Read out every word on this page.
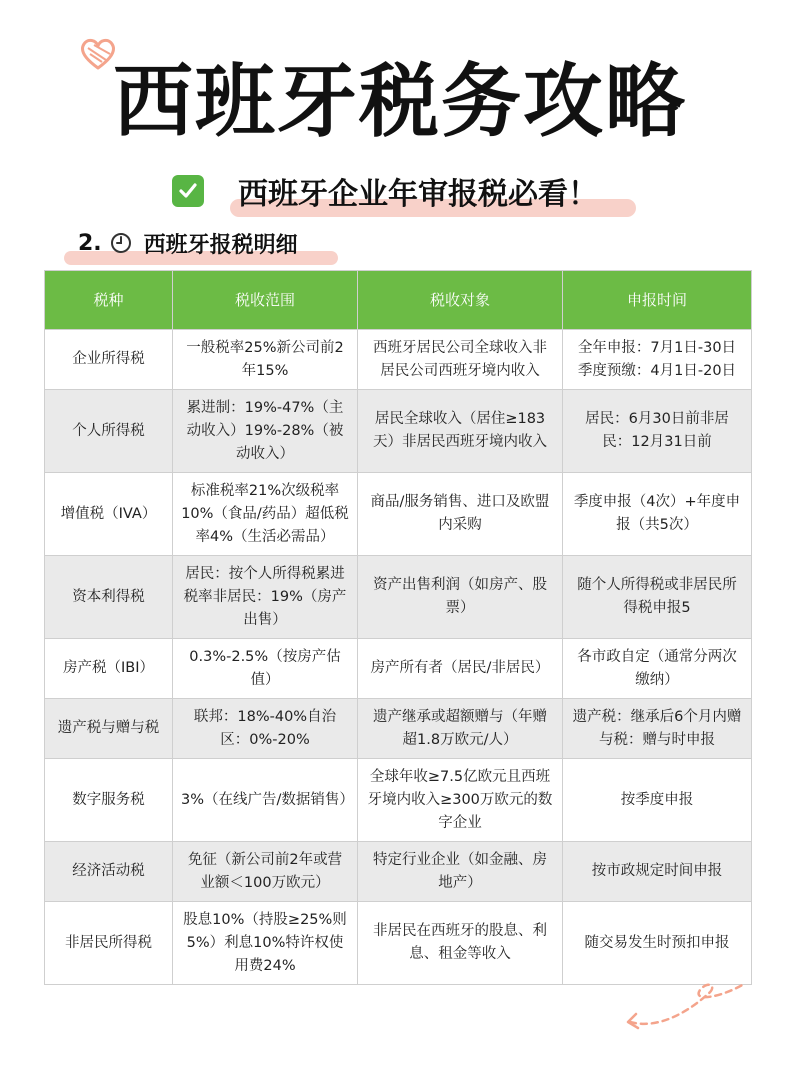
西班牙税务攻略
西班牙企业年审报税必看！
2. 西班牙报税明细
税种	税收范围	税收对象	申报时间
企业所得税	一般税率25%新公司前2年15%	西班牙居民公司全球收入非居民公司西班牙境内收入	全年申报：7月1日-30日季度预缴：4月1日-20日
个人所得税	累进制：19%-47%（主动收入）19%-28%（被动收入）	居民全球收入（居住≥183天）非居民西班牙境内收入	居民：6月30日前非居民：12月31日前
增值税（IVA）	标准税率21%次级税率10%（食品/药品）超低税率4%（生活必需品）	商品/服务销售、进口及欧盟内采购	季度申报（4次）+年度申报（共5次）
资本利得税	居民：按个人所得税累进税率非居民：19%（房产出售）	资产出售利润（如房产、股票）	随个人所得税或非居民所得税申报5
房产税（IBI）	0.3%-2.5%（按房产估值）	房产所有者（居民/非居民）	各市政自定（通常分两次缴纳）
遗产税与赠与税	联邦：18%-40%自治区：0%-20%	遗产继承或超额赠与（年赠超1.8万欧元/人）	遗产税：继承后6个月内赠与税：赠与时申报
数字服务税	3%（在线广告/数据销售）	全球年收≥7.5亿欧元且西班牙境内收入≥300万欧元的数字企业	按季度申报
经济活动税	免征（新公司前2年或营业额＜100万欧元）	特定行业企业（如金融、房地产）	按市政规定时间申报
非居民所得税	股息10%（持股≥25%则5%）利息10%特许权使用费24%	非居民在西班牙的股息、利息、租金等收入	随交易发生时预扣申报
